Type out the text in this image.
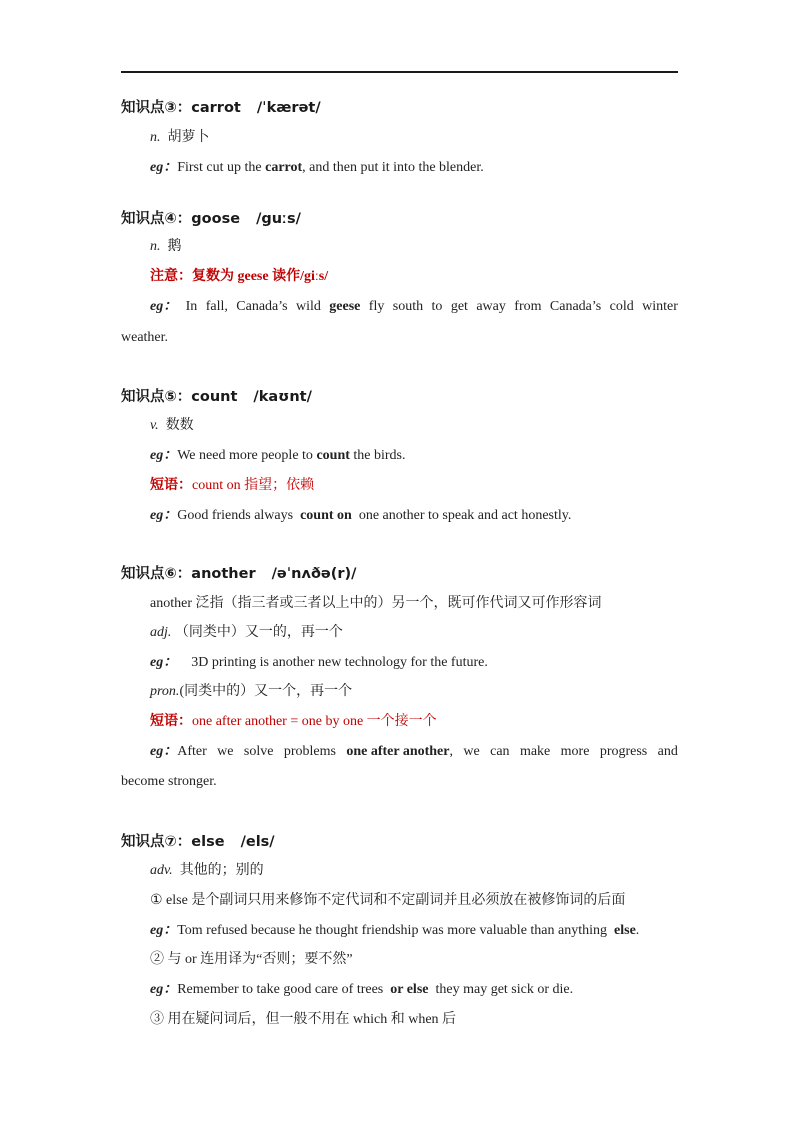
知识点③：carrot /ˈkærət/
n. 胡萝卜
eg：First cut up the carrot, and then put it into the blender.
知识点④：goose /guːs/
n. 鹅
注意：复数为 geese 读作/giːs/
eg： In fall, Canada’s wild geese fly south to get away from Canada’s cold winter
weather.
知识点⑤：count /kaʊnt/
v. 数数
eg：We need more people to count the birds.
短语：count on 指望；依赖
eg：Good friends always count on one another to speak and act honestly.
知识点⑥：another /əˈnʌðə(r)/
another 泛指（指三者或三者以上中的）另一个，既可作代词又可作形容词
adj. （同类中）又一的，再一个
eg： 3D printing is another new technology for the future.
pron.(同类中的）又一个，再一个
短语：one after another = one by one 一个接一个
eg：After we solve problems one after another, we can make more progress and
become stronger.
知识点⑦：else /els/
adv. 其他的；别的
① else 是个副词只用来修饰不定代词和不定副词并且必须放在被修饰词的后面
eg：Tom refused because he thought friendship was more valuable than anything else.
② 与 or 连用译为“否则；要不然”
eg：Remember to take good care of trees or else they may get sick or die.
③ 用在疑问词后，但一般不用在 which 和 when 后
